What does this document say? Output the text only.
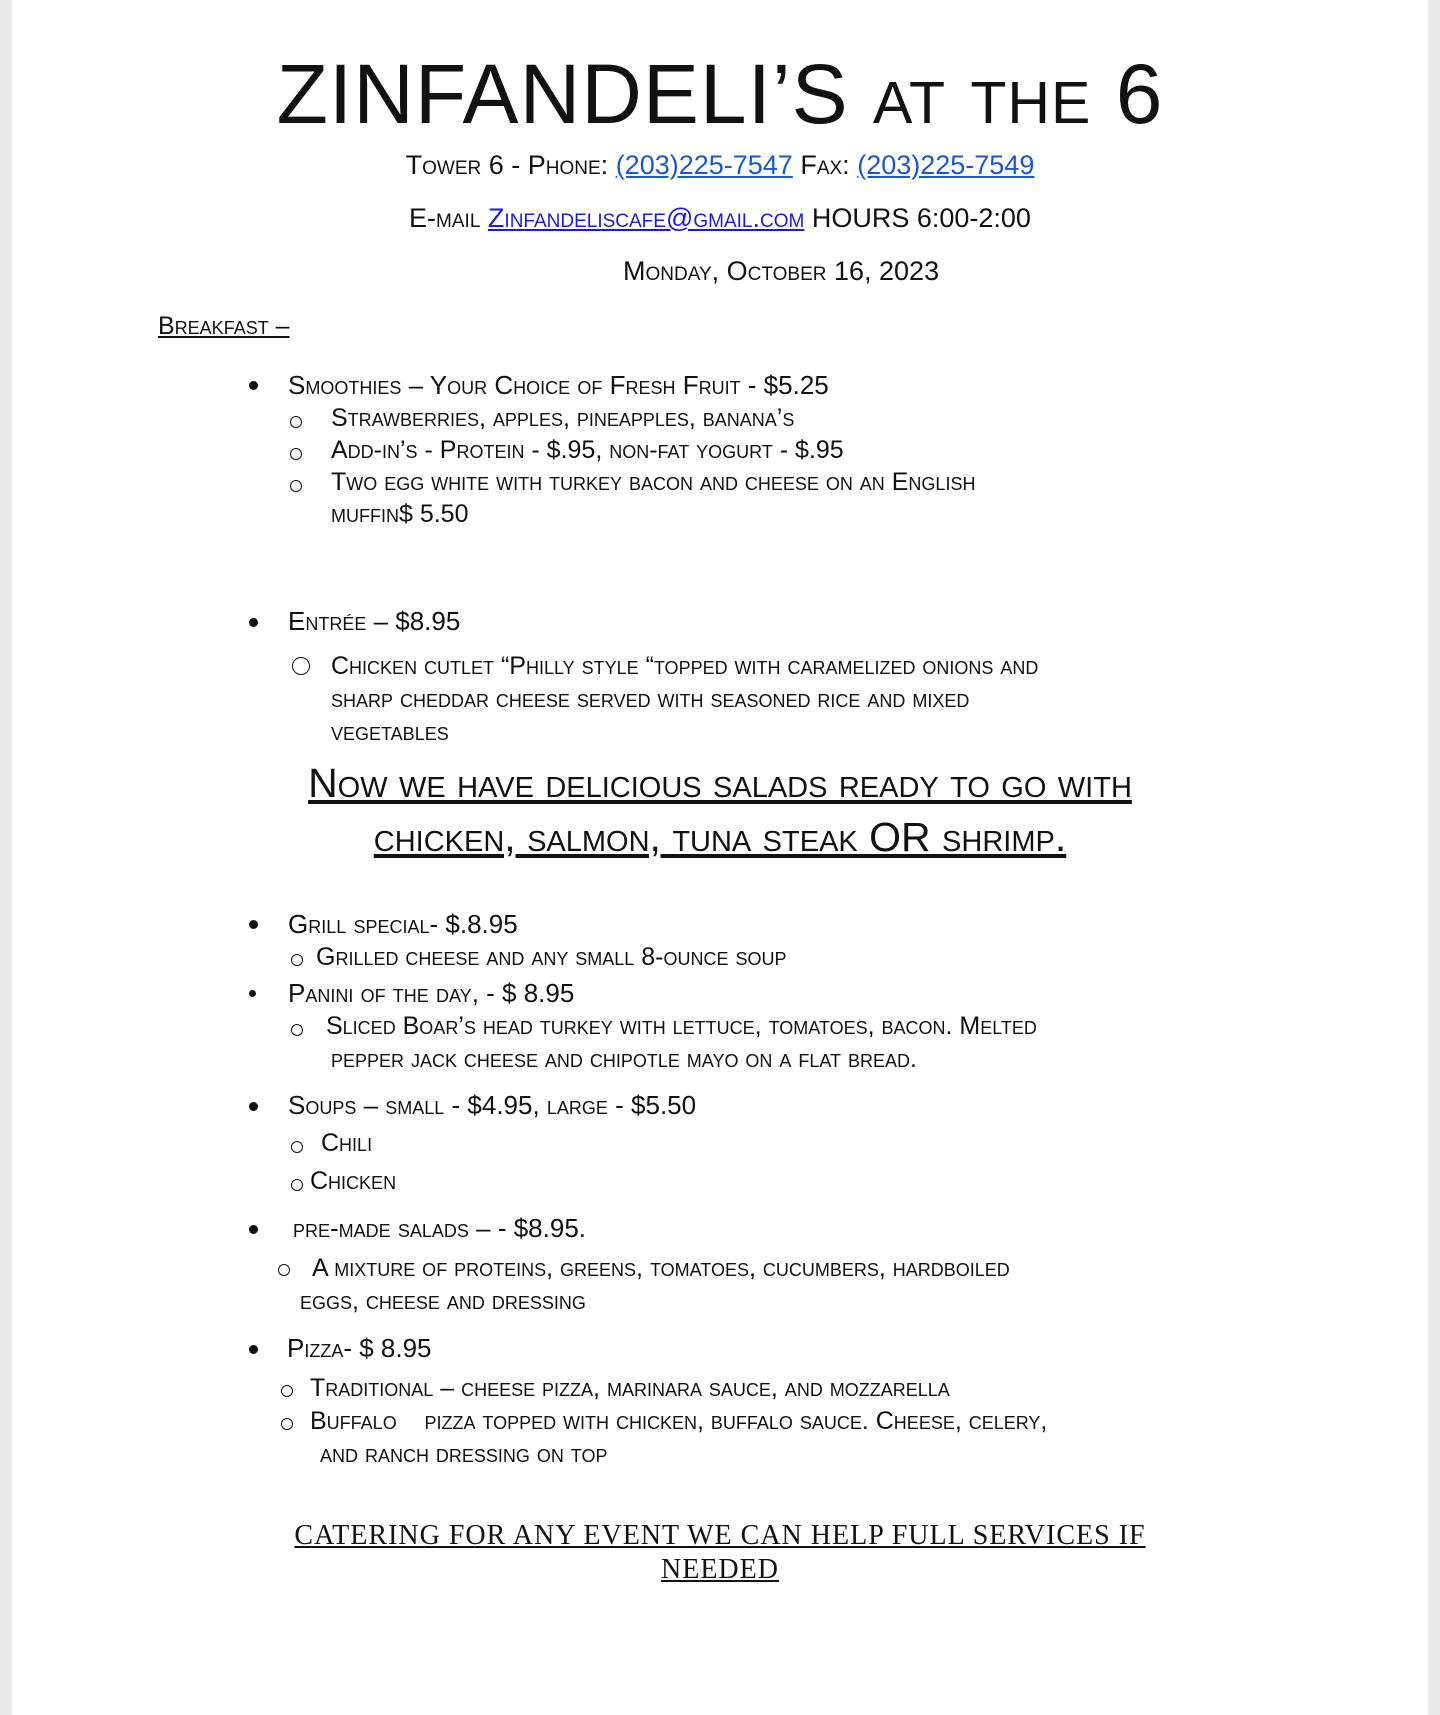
ZINFANDELI’S at the 6
Tower 6 - Phone: (203)225-7547 Fax: (203)225-7549
E-mail Zinfandeliscafe@gmail.com HOURS 6:00-2:00
Monday, October 16, 2023
Breakfast –
Smoothies – Your Choice of Fresh Fruit - $5.25
Strawberries, apples, pineapples, banana’s
Add-in’s - Protein - $.95, non-fat yogurt - $.95
Two egg white with turkey bacon and cheese on an English
muffin$ 5.50
Entrée – $8.95
Chicken cutlet “Philly style “topped with caramelized onions and
sharp cheddar cheese served with seasoned rice and mixed
vegetables
Now we have delicious salads ready to go with
chicken, salmon, tuna steak OR shrimp.
Grill special- $.8.95
Grilled cheese and any small 8-ounce soup
Panini of the day, - $ 8.95
Sliced Boar’s head turkey with lettuce, tomatoes, bacon. Melted
pepper jack cheese and chipotle mayo on a flat bread.
Soups – small - $4.95, large - $5.50
Chili
Chicken
pre-made salads – - $8.95.
A mixture of proteins, greens, tomatoes, cucumbers, hardboiled
eggs, cheese and dressing
Pizza- $ 8.95
Traditional – cheese pizza, marinara sauce, and mozzarella
Buffalo    pizza topped with chicken, buffalo sauce. Cheese, celery,
and ranch dressing on top
CATERING FOR ANY EVENT WE CAN HELP FULL SERVICES IF
NEEDED
